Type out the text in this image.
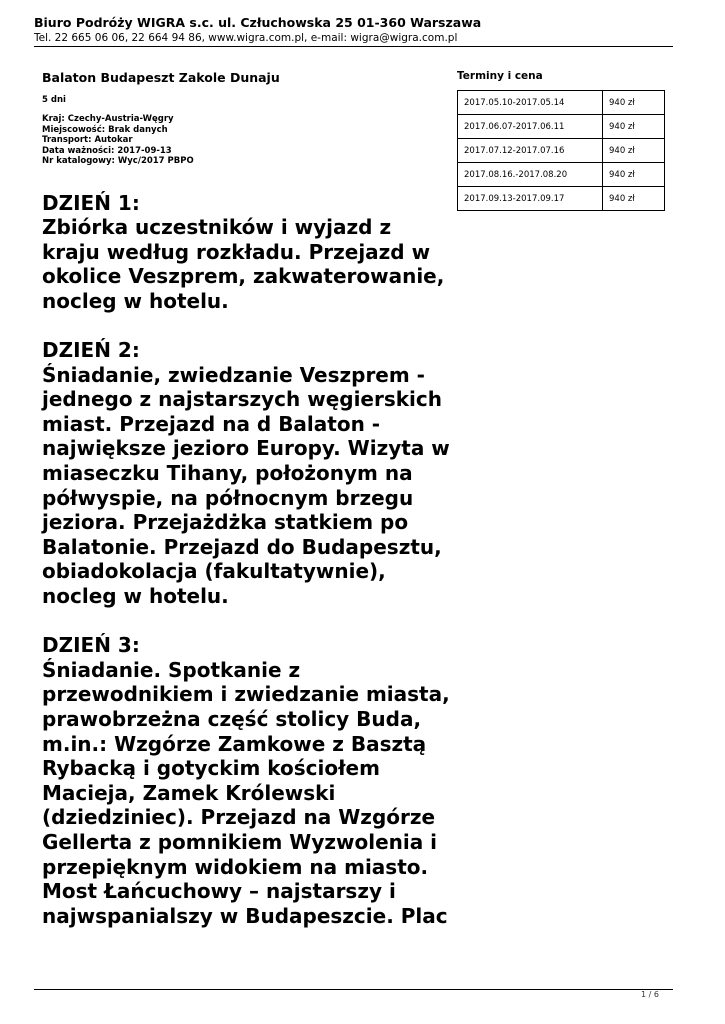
Biuro Podróży WIGRA s.c. ul. Człuchowska 25 01-360 Warszawa
Tel. 22 665 06 06, 22 664 94 86, www.wigra.com.pl, e-mail: wigra@wigra.com.pl
Balaton Budapeszt Zakole Dunaju
5 dni
Kraj: Czechy-Austria-Węgry
Miejscowość: Brak danych
Transport: Autokar
Data ważności: 2017-09-13
Nr katalogowy: Wyc/2017 PBPO
DZIEŃ 1:
Zbiórka uczestników i wyjazd z kraju według rozkładu. Przejazd w okolice Veszprem, zakwaterowanie, nocleg w hotelu.
DZIEŃ 2:
Śniadanie, zwiedzanie Veszprem - jednego z najstarszych węgierskich miast. Przejazd na d Balaton - największe jezioro Europy. Wizyta w miaseczku Tihany, położonym na półwyspie, na północnym brzegu jeziora. Przejażdżka statkiem po Balatonie. Przejazd do Budapesztu, obiadokolacja (fakultatywnie), nocleg w hotelu.
DZIEŃ 3:
Śniadanie. Spotkanie z przewodnikiem i zwiedzanie miasta, prawobrzeżna część stolicy Buda, m.in.: Wzgórze Zamkowe z Basztą Rybacką i gotyckim kościołem Macieja, Zamek Królewski (dziedziniec). Przejazd na Wzgórze Gellerta z pomnikiem Wyzwolenia i przepięknym widokiem na miasto. Most Łańcuchowy – najstarszy i najwspanialszy w Budapeszcie. Plac
Terminy i cena
2017.05.10-2017.05.14	940 zł
2017.06.07-2017.06.11	940 zł
2017.07.12-2017.07.16	940 zł
2017.08.16.-2017.08.20	940 zł
2017.09.13-2017.09.17	940 zł
1 / 6
